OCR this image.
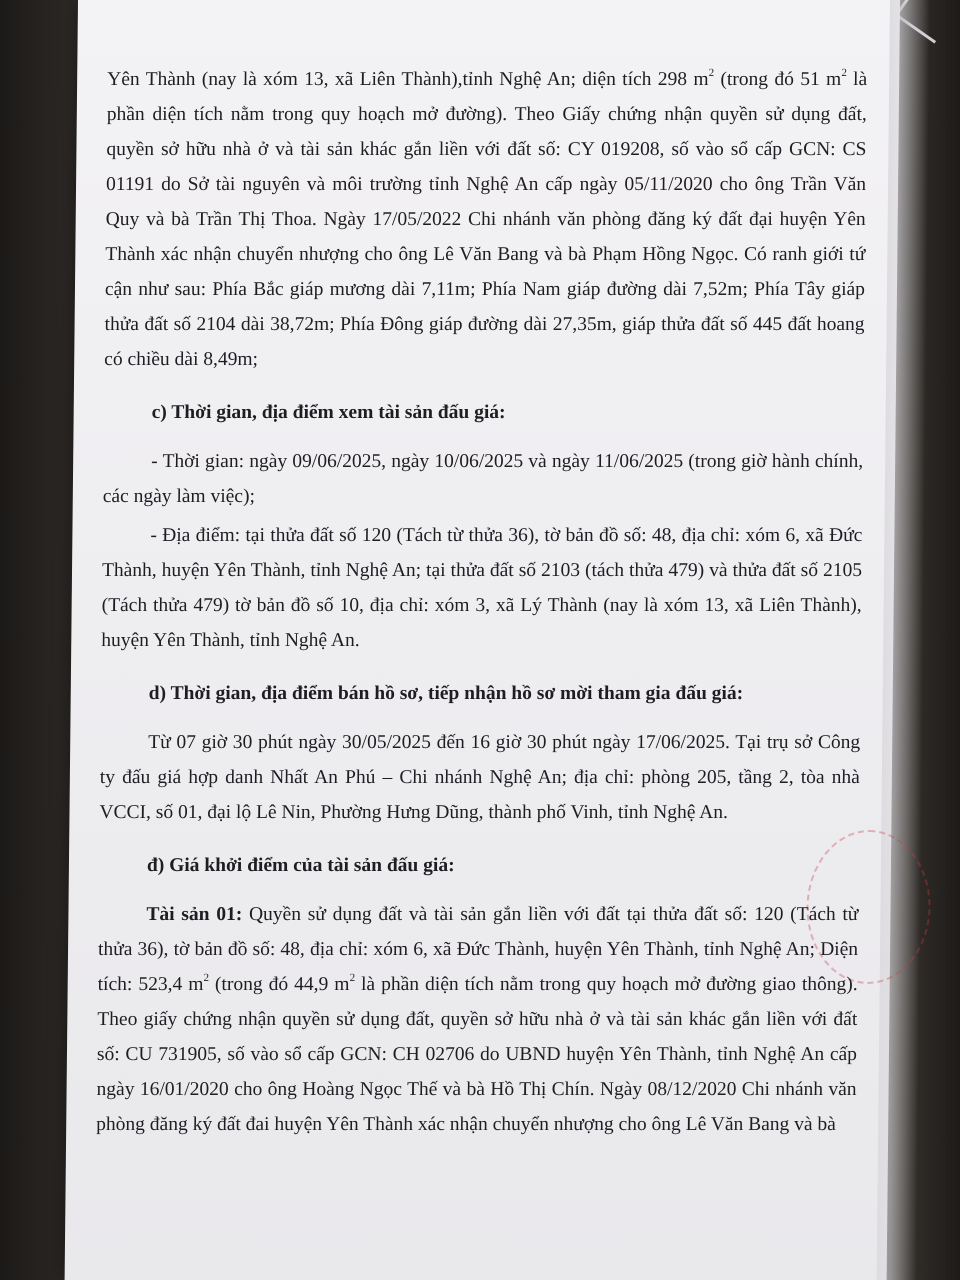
Yên Thành (nay là xóm 13, xã Liên Thành),tỉnh Nghệ An; diện tích 298 $m^2$ (trong đó 51 $m^2$ là phần diện tích nằm trong quy hoạch mở đường). Theo Giấy chứng nhận quyền sử dụng đất, quyền sở hữu nhà ở và tài sản khác gắn liền với đất số: CY 019208, số vào sổ cấp GCN: CS 01191 do Sở tài nguyên và môi trường tỉnh Nghệ An cấp ngày 05/11/2020 cho ông Trần Văn Quy và bà Trần Thị Thoa. Ngày 17/05/2022 Chi nhánh văn phòng đăng ký đất đại huyện Yên Thành xác nhận chuyển nhượng cho ông Lê Văn Bang và bà Phạm Hồng Ngọc. Có ranh giới tứ cận như sau: Phía Bắc giáp mương dài 7,11m; Phía Nam giáp đường dài 7,52m; Phía Tây giáp thửa đất số 2104 dài 38,72m; Phía Đông giáp đường dài 27,35m, giáp thửa đất số 445 đất hoang có chiều dài 8,49m;

c) Thời gian, địa điểm xem tài sản đấu giá:

- Thời gian: ngày 09/06/2025, ngày 10/06/2025 và ngày 11/06/2025 (trong giờ hành chính, các ngày làm việc);

- Địa điểm: tại thửa đất số 120 (Tách từ thửa 36), tờ bản đồ số: 48, địa chỉ: xóm 6, xã Đức Thành, huyện Yên Thành, tỉnh Nghệ An; tại thửa đất số 2103 (tách thửa 479) và thửa đất số 2105 (Tách thửa 479) tờ bản đồ số 10, địa chỉ: xóm 3, xã Lý Thành (nay là xóm 13, xã Liên Thành), huyện Yên Thành, tỉnh Nghệ An.

d) Thời gian, địa điểm bán hồ sơ, tiếp nhận hồ sơ mời tham gia đấu giá:

Từ 07 giờ 30 phút ngày 30/05/2025 đến 16 giờ 30 phút ngày 17/06/2025. Tại trụ sở Công ty đấu giá hợp danh Nhất An Phú – Chi nhánh Nghệ An; địa chỉ: phòng 205, tầng 2, tòa nhà VCCI, số 01, đại lộ Lê Nin, Phường Hưng Dũng, thành phố Vinh, tỉnh Nghệ An.

đ) Giá khởi điểm của tài sản đấu giá:

Tài sản 01: Quyền sử dụng đất và tài sản gắn liền với đất tại thửa đất số: 120 (Tách từ thửa 36), tờ bản đồ số: 48, địa chỉ: xóm 6, xã Đức Thành, huyện Yên Thành, tỉnh Nghệ An; Diện tích: 523,4 $m^2$ (trong đó 44,9 $m^2$ là phần diện tích nằm trong quy hoạch mở đường giao thông). Theo giấy chứng nhận quyền sử dụng đất, quyền sở hữu nhà ở và tài sản khác gắn liền với đất số: CU 731905, số vào sổ cấp GCN: CH 02706 do UBND huyện Yên Thành, tỉnh Nghệ An cấp ngày 16/01/2020 cho ông Hoàng Ngọc Thế và bà Hồ Thị Chín. Ngày 08/12/2020 Chi nhánh văn phòng đăng ký đất đai huyện Yên Thành xác nhận chuyển nhượng cho ông Lê Văn Bang và bà
